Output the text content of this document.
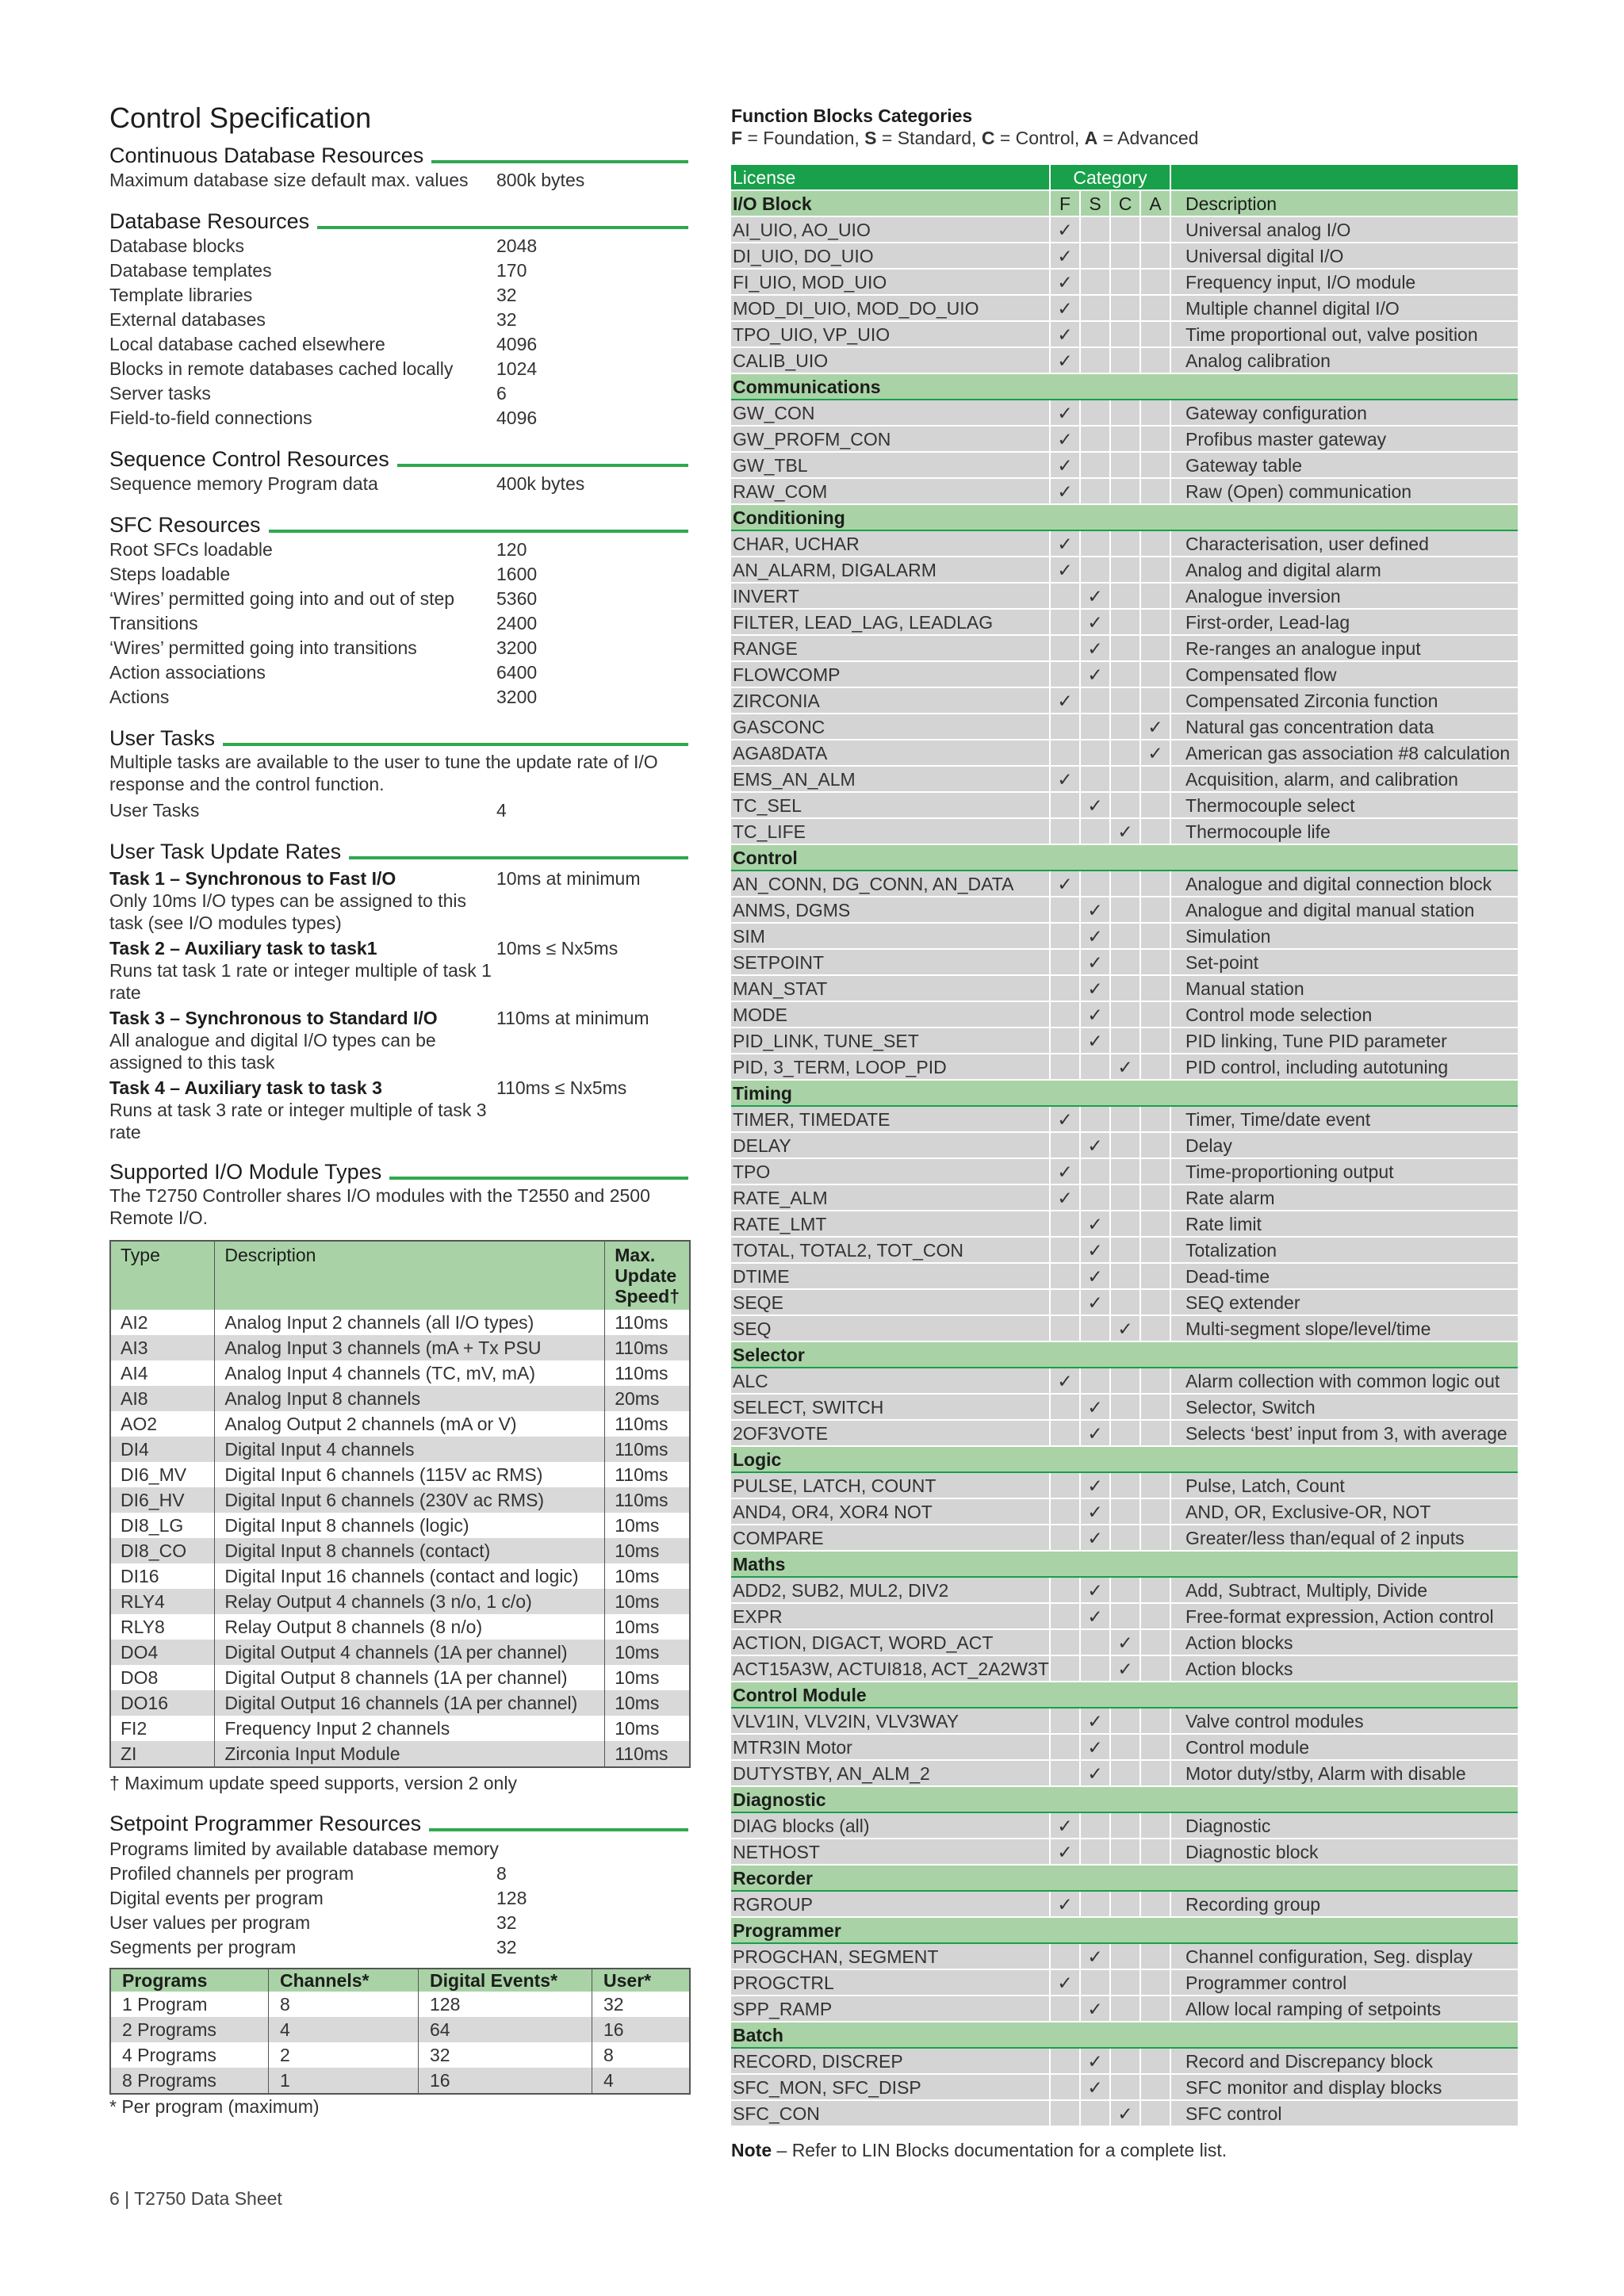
Control Specification
Continuous Database Resources
Maximum database size default max. values	800k bytes
Database Resources
Database blocks	2048
Database templates	170
Template libraries	32
External databases	32
Local database cached elsewhere	4096
Blocks in remote databases cached locally	1024
Server tasks	6
Field-to-field connections	4096
Sequence Control Resources
Sequence memory Program data	400k bytes
SFC Resources
Root SFCs loadable	120
Steps loadable	1600
‘Wires’ permitted going into and out of step	5360
Transitions	2400
‘Wires’ permitted going into transitions	3200
Action associations	6400
Actions	3200
User Tasks
Multiple tasks are available to the user to tune the update rate of I/O response and the control function.
User Tasks	4
User Task Update Rates
Task 1 – Synchronous to Fast I/O
Only 10ms I/O types can be assigned to this task (see I/O modules types)
10ms at minimum
Task 2 – Auxiliary task to task1
Runs tat task 1 rate or integer multiple of task 1 rate
10ms ≤ Nx5ms
Task 3 – Synchronous to Standard I/O
All analogue and digital I/O types can be assigned to this task
110ms at minimum
Task 4 – Auxiliary task to task 3
Runs at task 3 rate or integer multiple of task 3 rate
110ms ≤ Nx5ms
Supported I/O Module Types
The T2750 Controller shares I/O modules with the T2550 and 2500 Remote I/O.
Type	Description	Max. Update Speed†
AI2	Analog Input 2 channels (all I/O types)	110ms
AI3	Analog Input 3 channels (mA + Tx PSU	110ms
AI4	Analog Input 4 channels (TC, mV, mA)	110ms
AI8	Analog Input 8 channels	20ms
AO2	Analog Output 2 channels (mA or V)	110ms
DI4	Digital Input 4 channels	110ms
DI6_MV	Digital Input 6 channels (115V ac RMS)	110ms
DI6_HV	Digital Input 6 channels (230V ac RMS)	110ms
DI8_LG	Digital Input 8 channels (logic)	10ms
DI8_CO	Digital Input 8 channels (contact)	10ms
DI16	Digital Input 16 channels (contact and logic)	10ms
RLY4	Relay Output 4 channels (3 n/o, 1 c/o)	10ms
RLY8	Relay Output 8 channels (8 n/o)	10ms
DO4	Digital Output 4 channels (1A per channel)	10ms
DO8	Digital Output 8 channels (1A per channel)	10ms
DO16	Digital Output 16 channels (1A per channel)	10ms
FI2	Frequency Input 2 channels	10ms
ZI	Zirconia Input Module	110ms
† Maximum update speed supports, version 2 only
Setpoint Programmer Resources
Programs limited by available database memory
Profiled channels per program	8
Digital events per program	128
User values per program	32
Segments per program	32
Programs	Channels*	Digital Events*	User*
1 Program	8	128	32
2 Programs	4	64	16
4 Programs	2	32	8
8 Programs	1	16	4
* Per program (maximum)
Function Blocks Categories
F = Foundation, S = Standard, C = Control, A = Advanced
License	Category				
I/O Block	F	S	C	A	Description
AI_UIO, AO_UIO	✓				Universal analog I/O
DI_UIO, DO_UIO	✓				Universal digital I/O
FI_UIO, MOD_UIO	✓				Frequency input, I/O module
MOD_DI_UIO, MOD_DO_UIO	✓				Multiple channel digital I/O
TPO_UIO, VP_UIO	✓				Time proportional out, valve position
CALIB_UIO	✓				Analog calibration
Communications					
GW_CON	✓				Gateway configuration
GW_PROFM_CON	✓				Profibus master gateway
GW_TBL	✓				Gateway table
RAW_COM	✓				Raw (Open) communication
Conditioning					
CHAR, UCHAR	✓				Characterisation, user defined
AN_ALARM, DIGALARM	✓				Analog and digital alarm
INVERT		✓			Analogue inversion
FILTER, LEAD_LAG, LEADLAG		✓			First-order, Lead-lag
RANGE		✓			Re-ranges an analogue input
FLOWCOMP		✓			Compensated flow
ZIRCONIA	✓				Compensated Zirconia function
GASCONC				✓	Natural gas concentration data
AGA8DATA				✓	American gas association #8 calculation
EMS_AN_ALM	✓				Acquisition, alarm, and calibration
TC_SEL		✓			Thermocouple select
TC_LIFE			✓		Thermocouple life
Control					
AN_CONN, DG_CONN, AN_DATA	✓				Analogue and digital connection block
ANMS, DGMS		✓			Analogue and digital manual station
SIM		✓			Simulation
SETPOINT		✓			Set-point
MAN_STAT		✓			Manual station
MODE		✓			Control mode selection
PID_LINK, TUNE_SET		✓			PID linking, Tune PID parameter
PID, 3_TERM, LOOP_PID			✓		PID control, including autotuning
Timing					
TIMER, TIMEDATE	✓				Timer, Time/date event
DELAY		✓			Delay
TPO	✓				Time-proportioning output
RATE_ALM	✓				Rate alarm
RATE_LMT		✓			Rate limit
TOTAL, TOTAL2, TOT_CON		✓			Totalization
DTIME		✓			Dead-time
SEQE		✓			SEQ extender
SEQ			✓		Multi-segment slope/level/time
Selector					
ALC	✓				Alarm collection with common logic out
SELECT, SWITCH		✓			Selector, Switch
2OF3VOTE		✓			Selects ‘best’ input from 3, with average
Logic					
PULSE, LATCH, COUNT		✓			Pulse, Latch, Count
AND4, OR4, XOR4 NOT		✓			AND, OR, Exclusive-OR, NOT
COMPARE		✓			Greater/less than/equal of 2 inputs
Maths					
ADD2, SUB2, MUL2, DIV2		✓			Add, Subtract, Multiply, Divide
EXPR		✓			Free-format expression, Action control
ACTION, DIGACT, WORD_ACT			✓		Action blocks
ACT15A3W, ACTUI818, ACT_2A2W3T			✓		Action blocks
Control Module					
VLV1IN, VLV2IN, VLV3WAY		✓			Valve control modules
MTR3IN Motor		✓			Control module
DUTYSTBY, AN_ALM_2		✓			Motor duty/stby, Alarm with disable
Diagnostic					
DIAG blocks (all)	✓				Diagnostic
NETHOST	✓				Diagnostic block
Recorder					
RGROUP	✓				Recording group
Programmer					
PROGCHAN, SEGMENT		✓			Channel configuration, Seg. display
PROGCTRL	✓				Programmer control
SPP_RAMP		✓			Allow local ramping of setpoints
Batch					
RECORD, DISCREP		✓			Record and Discrepancy block
SFC_MON, SFC_DISP		✓			SFC monitor and display blocks
SFC_CON			✓		SFC control
Note – Refer to LIN Blocks documentation for a complete list.
6 | T2750 Data Sheet
